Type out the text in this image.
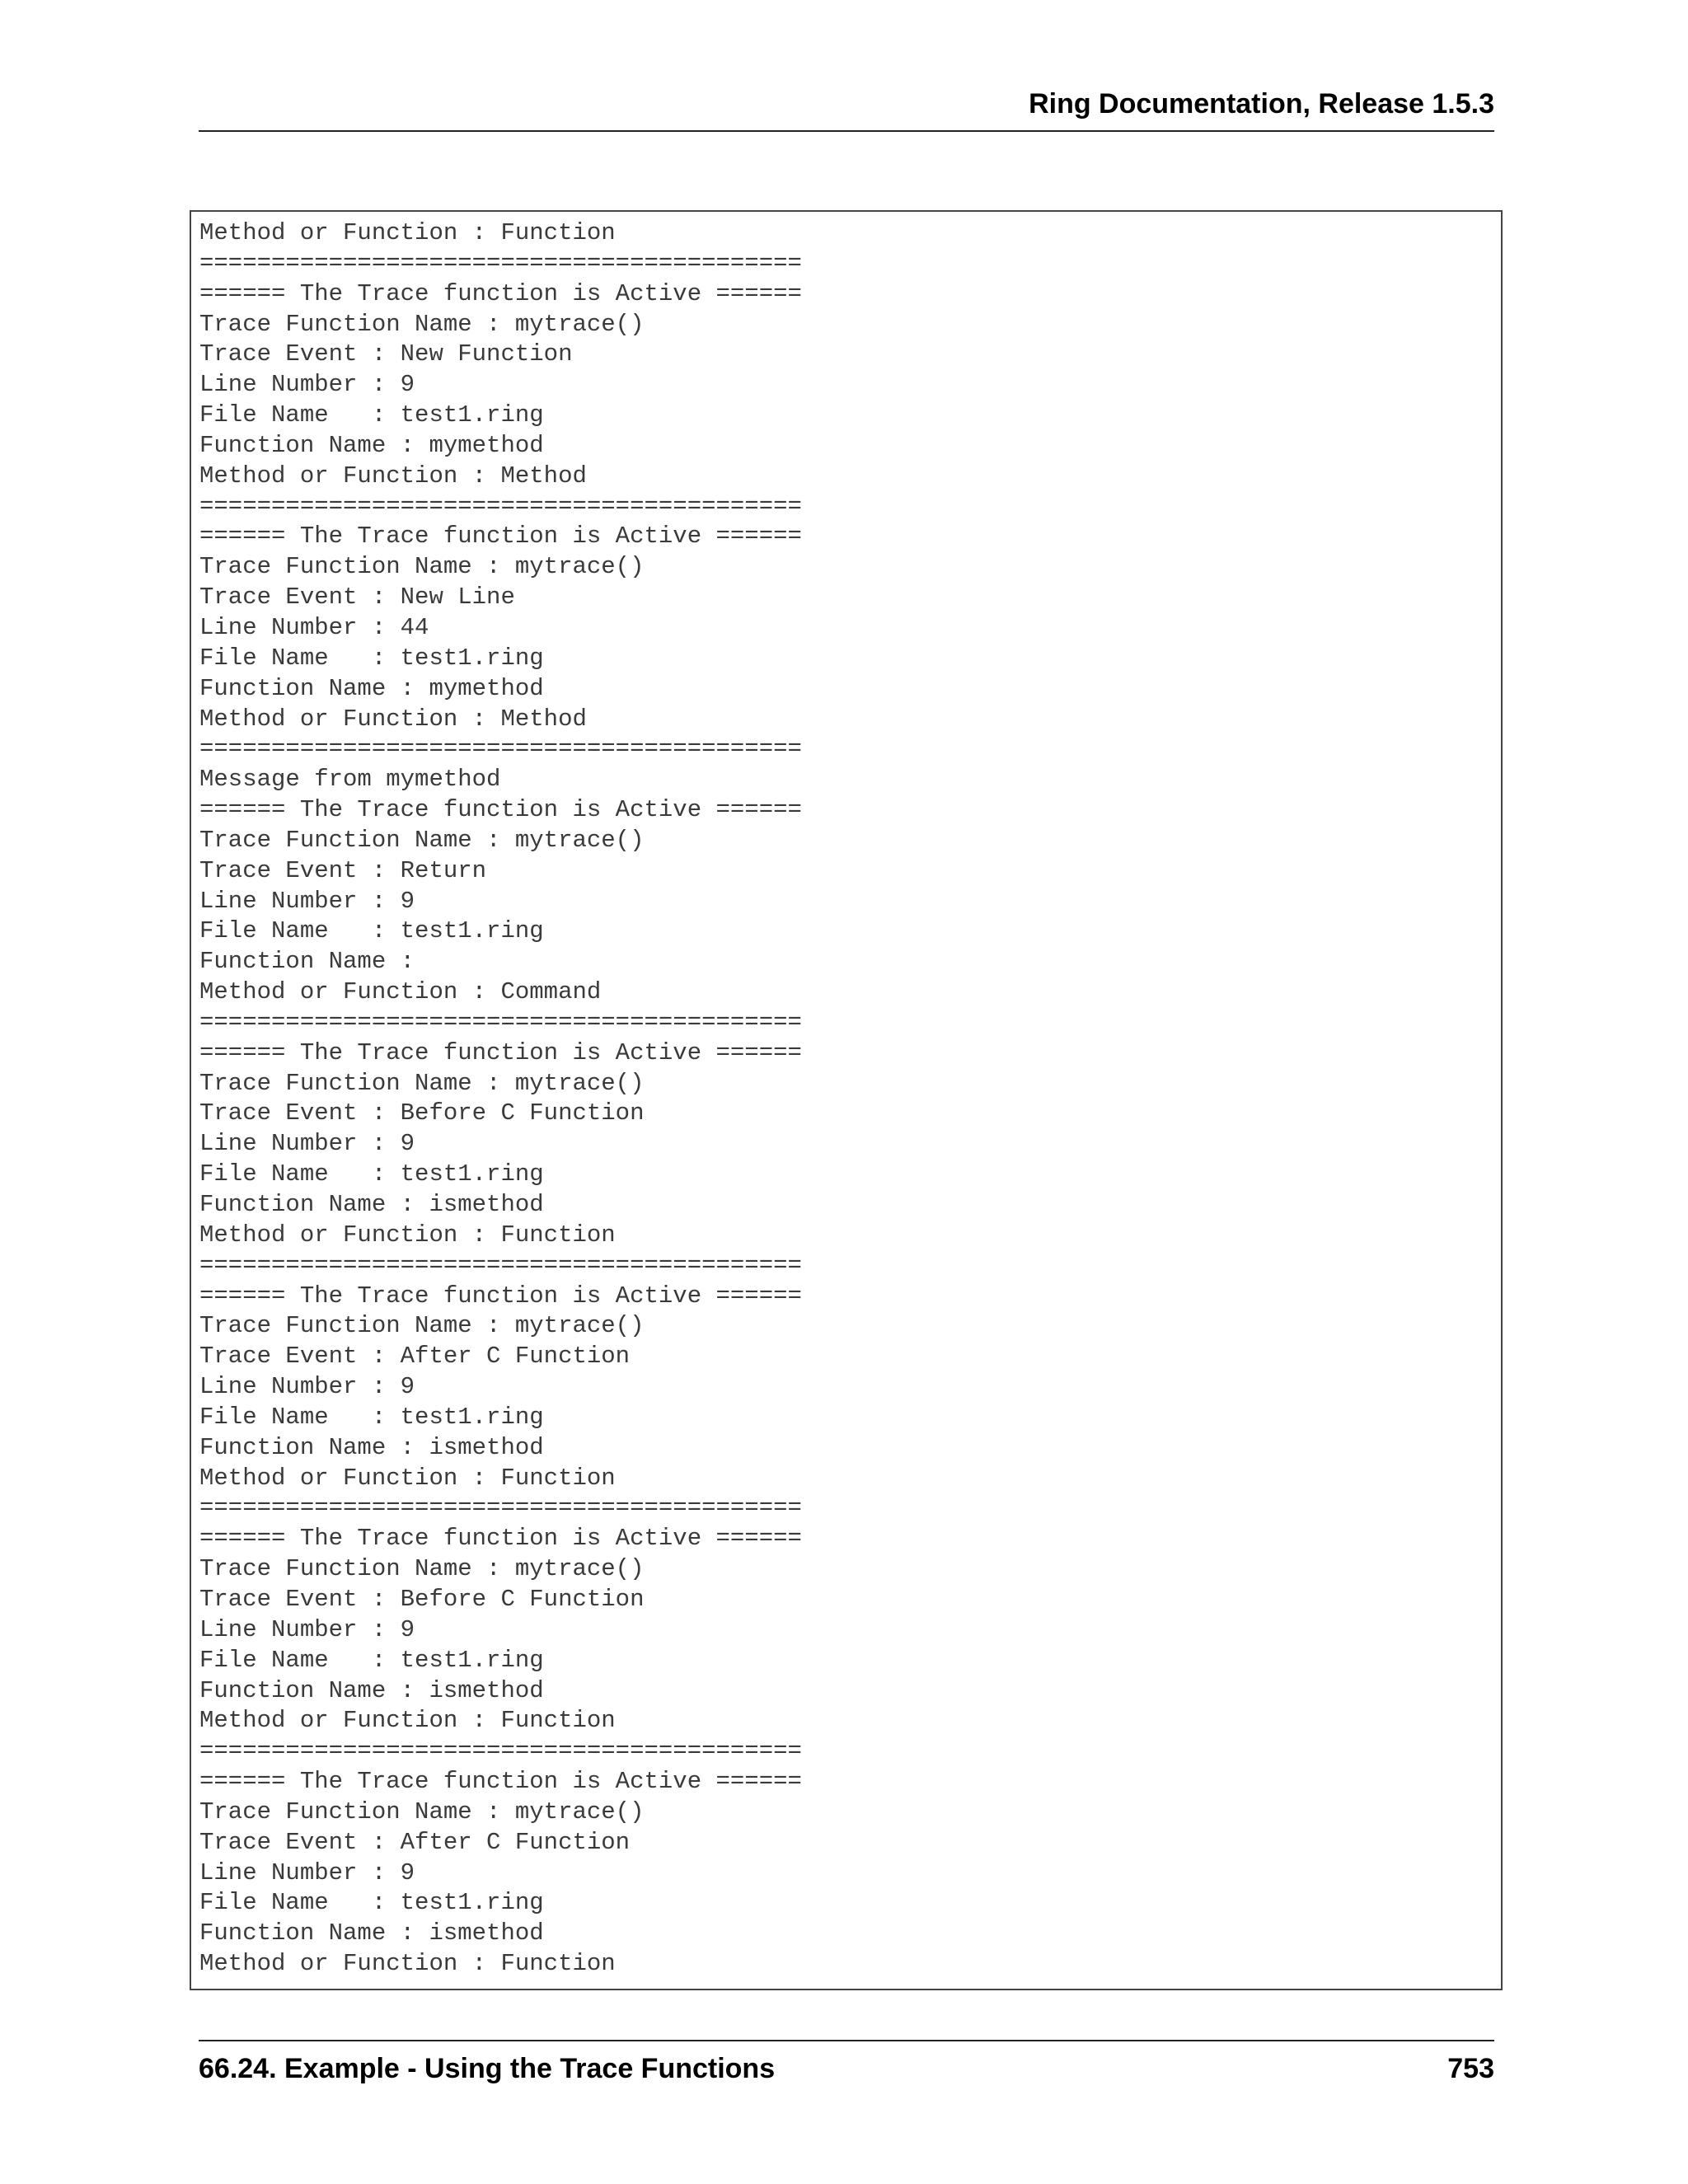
Ring Documentation, Release 1.5.3
Method or Function : Function
==========================================
====== The Trace function is Active ======
Trace Function Name : mytrace()
Trace Event : New Function
Line Number : 9
File Name   : test1.ring
Function Name : mymethod
Method or Function : Method
==========================================
====== The Trace function is Active ======
Trace Function Name : mytrace()
Trace Event : New Line
Line Number : 44
File Name   : test1.ring
Function Name : mymethod
Method or Function : Method
==========================================
Message from mymethod
====== The Trace function is Active ======
Trace Function Name : mytrace()
Trace Event : Return
Line Number : 9
File Name   : test1.ring
Function Name :
Method or Function : Command
==========================================
====== The Trace function is Active ======
Trace Function Name : mytrace()
Trace Event : Before C Function
Line Number : 9
File Name   : test1.ring
Function Name : ismethod
Method or Function : Function
==========================================
====== The Trace function is Active ======
Trace Function Name : mytrace()
Trace Event : After C Function
Line Number : 9
File Name   : test1.ring
Function Name : ismethod
Method or Function : Function
==========================================
====== The Trace function is Active ======
Trace Function Name : mytrace()
Trace Event : Before C Function
Line Number : 9
File Name   : test1.ring
Function Name : ismethod
Method or Function : Function
==========================================
====== The Trace function is Active ======
Trace Function Name : mytrace()
Trace Event : After C Function
Line Number : 9
File Name   : test1.ring
Function Name : ismethod
Method or Function : Function
66.24. Example - Using the Trace Functions	753
